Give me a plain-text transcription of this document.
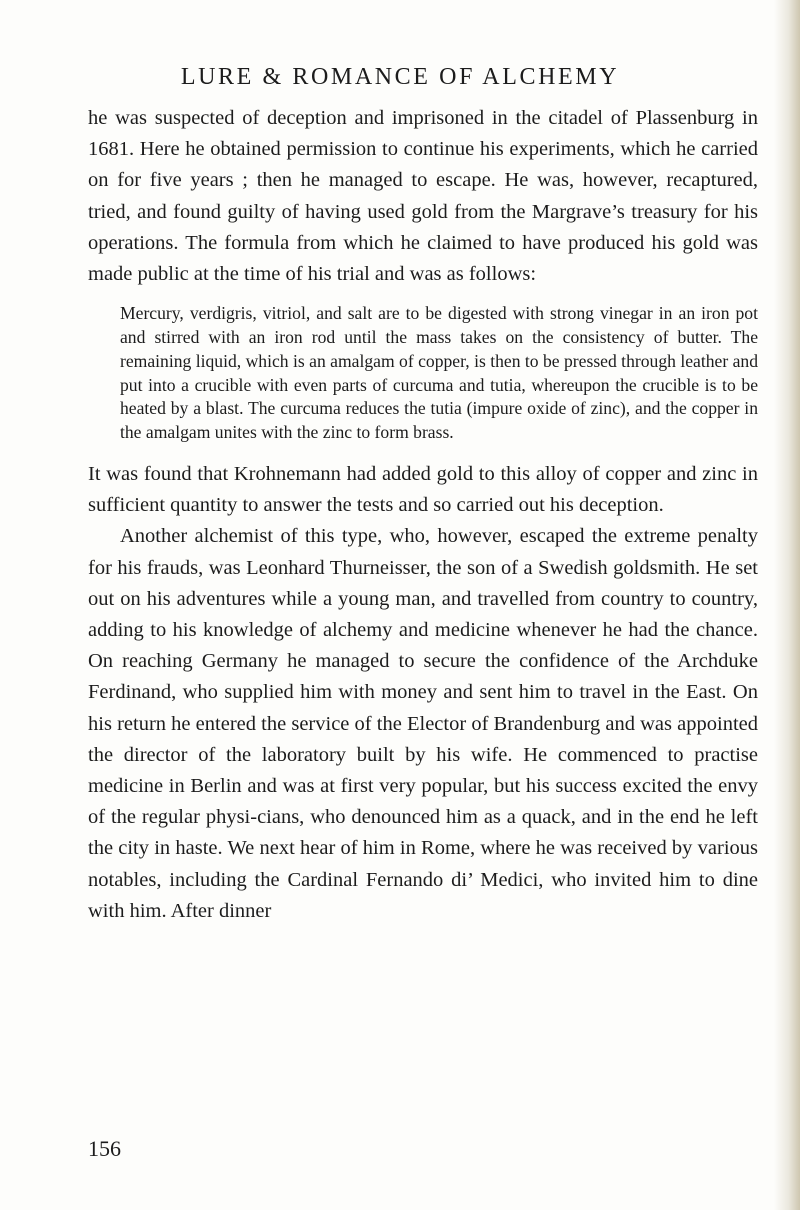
LURE & ROMANCE OF ALCHEMY

he was suspected of deception and imprisoned in the citadel of Plassenburg in 1681. Here he obtained permission to continue his experiments, which he carried on for five years ; then he managed to escape. He was, however, recaptured, tried, and found guilty of having used gold from the Margrave’s treasury for his operations. The formula from which he claimed to have produced his gold was made public at the time of his trial and was as follows:

Mercury, verdigris, vitriol, and salt are to be digested with strong vinegar in an iron pot and stirred with an iron rod until the mass takes on the consistency of butter. The remaining liquid, which is an amalgam of copper, is then to be pressed through leather and put into a crucible with even parts of curcuma and tutia, whereupon the crucible is to be heated by a blast. The curcuma reduces the tutia (impure oxide of zinc), and the copper in the amalgam unites with the zinc to form brass.

It was found that Krohnemann had added gold to this alloy of copper and zinc in sufficient quantity to answer the tests and so carried out his deception.

Another alchemist of this type, who, however, escaped the extreme penalty for his frauds, was Leonhard Thurneisser, the son of a Swedish goldsmith. He set out on his adventures while a young man, and travelled from country to country, adding to his knowledge of alchemy and medicine whenever he had the chance. On reaching Germany he managed to secure the confidence of the Archduke Ferdinand, who supplied him with money and sent him to travel in the East. On his return he entered the service of the Elector of Brandenburg and was appointed the director of the laboratory built by his wife. He commenced to practise medicine in Berlin and was at first very popular, but his success excited the envy of the regular physi-cians, who denounced him as a quack, and in the end he left the city in haste. We next hear of him in Rome, where he was received by various notables, including the Cardinal Fernando di’ Medici, who invited him to dine with him. After dinner

156
